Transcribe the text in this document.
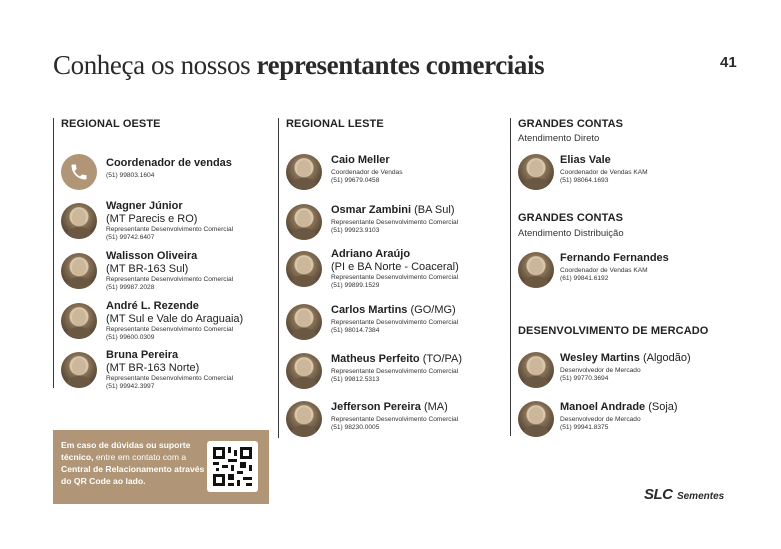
Conheça os nossos representantes comerciais	41
REGIONAL OESTE
Coordenador de vendas
(51) 99803.1604
Wagner Júnior
(MT Parecis e RO)
Representante Desenvolvimento Comercial
(51) 99742.6407
Walisson Oliveira
(MT BR-163 Sul)
Representante Desenvolvimento Comercial
(51) 99987.2028
André L. Rezende
(MT Sul e Vale do Araguaia)
Representante Desenvolvimento Comercial
(51) 99600.0309
Bruna Pereira
(MT BR-163 Norte)
Representante Desenvolvimento Comercial
(51) 99942.3997
REGIONAL LESTE
Caio Meller
Coordenador de Vendas
(51) 99679.0458
Osmar Zambini (BA Sul)
Representante Desenvolvimento Comercial
(51) 99923.9103
Adriano Araújo
(PI e BA Norte - Coaceral)
Representante Desenvolvimento Comercial
(51) 99899.1529
Carlos Martins (GO/MG)
Representante Desenvolvimento Comercial
(51) 98014.7384
Matheus Perfeito (TO/PA)
Representante Desenvolvimento Comercial
(51) 99812.5313
Jefferson Pereira (MA)
Representante Desenvolvimento Comercial
(51) 98230.0005
GRANDES CONTAS
Atendimento Direto
Elias Vale
Coordenador de Vendas KAM
(51) 98064.1693
GRANDES CONTAS
Atendimento Distribuição
Fernando Fernandes
Coordenador de Vendas KAM
(61) 99841.6192
DESENVOLVIMENTO DE MERCADO
Wesley Martins (Algodão)
Desenvolvedor de Mercado
(51) 99770.3694
Manoel Andrade (Soja)
Desenvolvedor de Mercado
(51) 99941.8375

Em caso de dúvidas ou suporte técnico, entre em contato com a Central de Relacionamento através do QR Code ao lado.

SLC Sementes
